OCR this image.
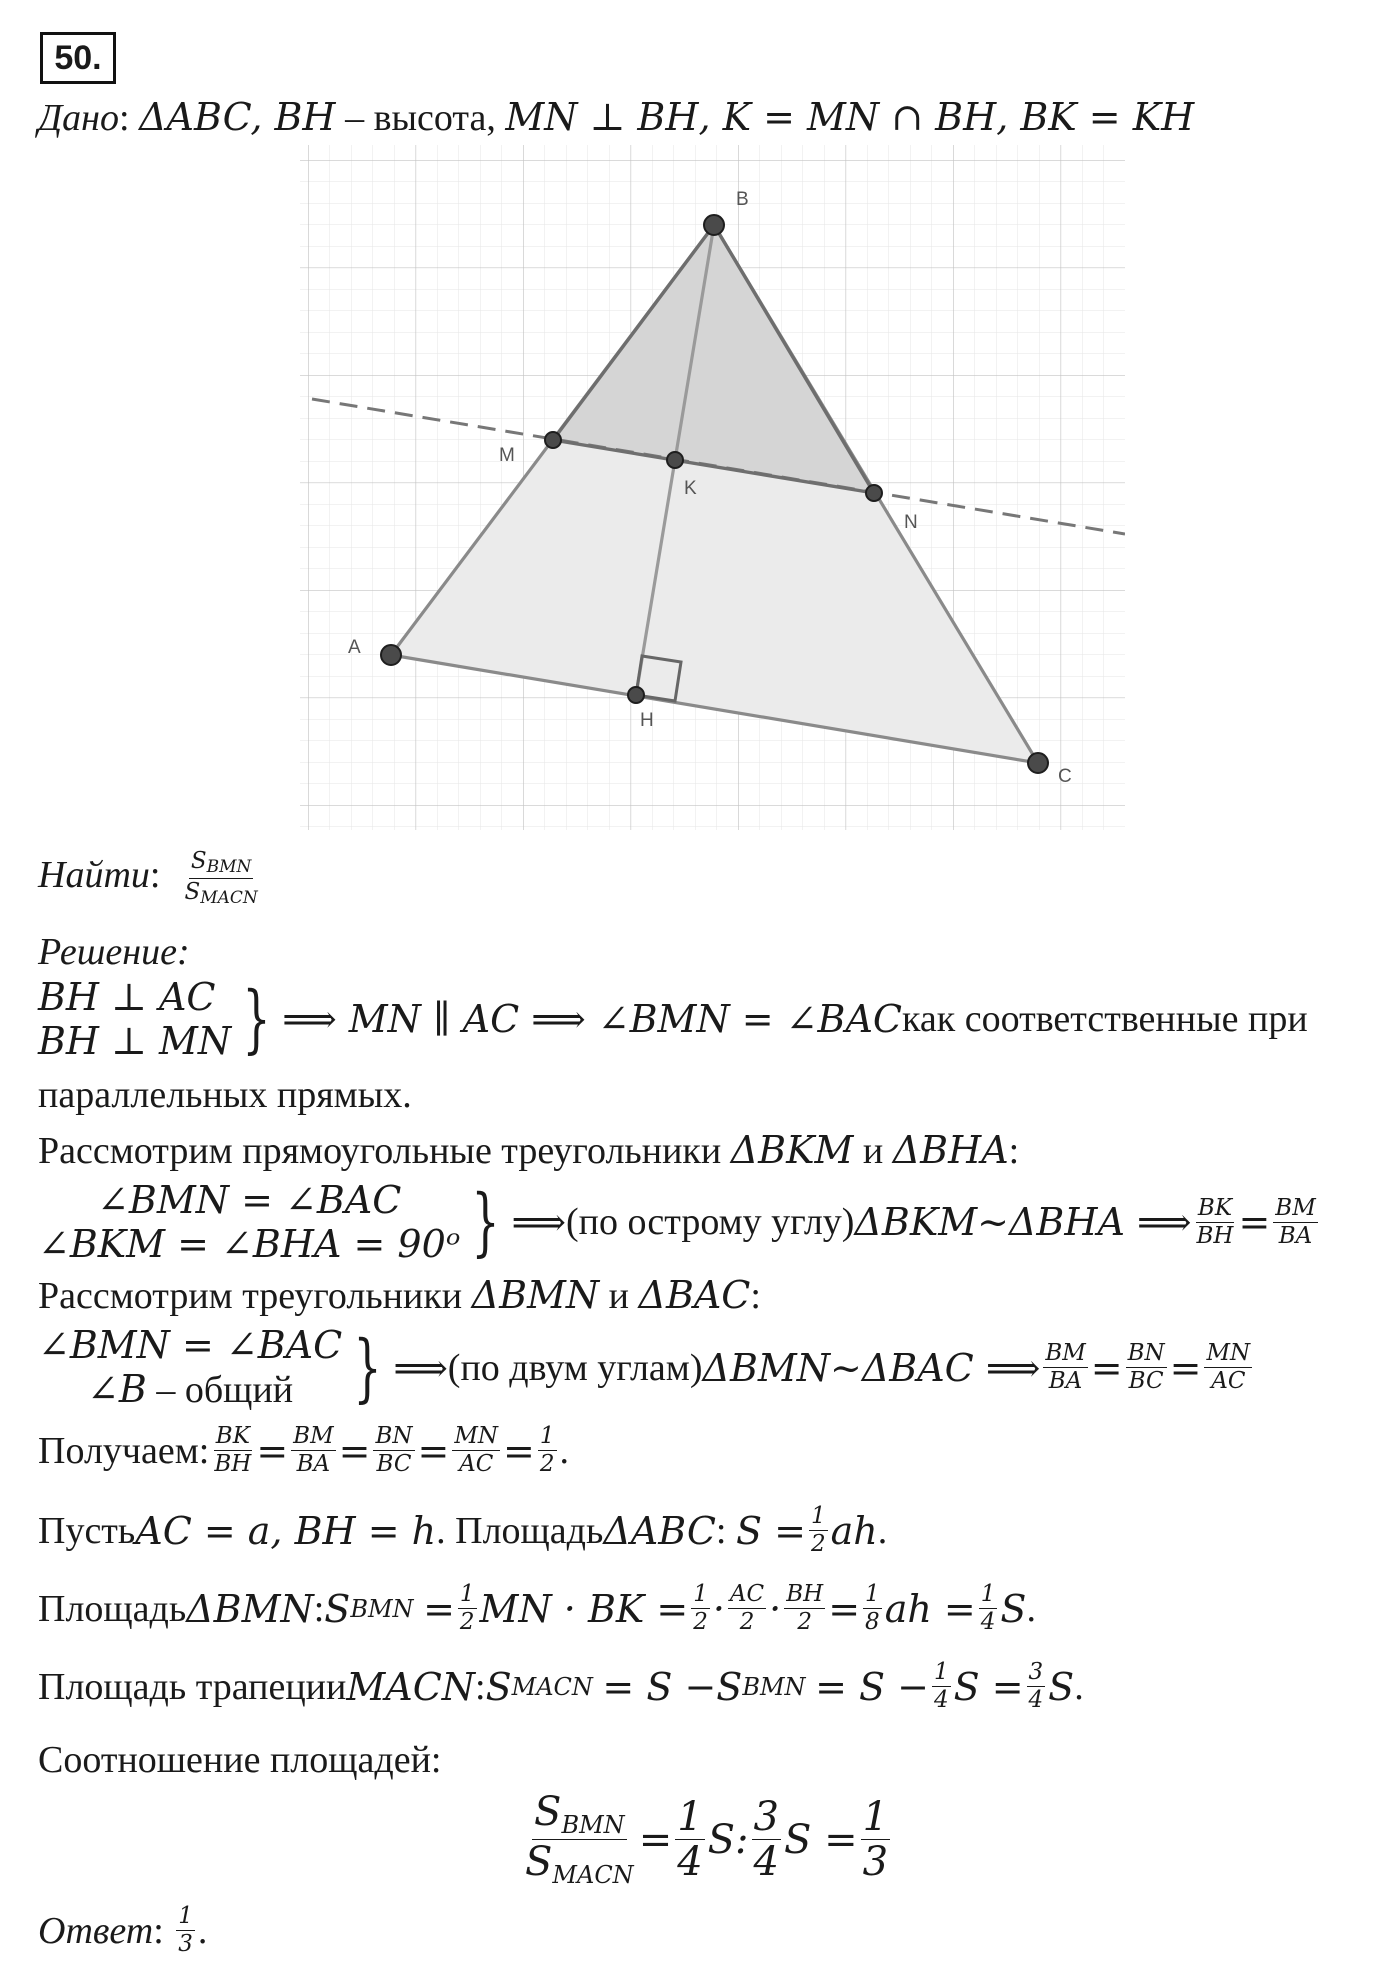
50.
Дано: ΔABC, BH – высота, MN ⊥ BH, K = MN ∩ BH, BK = KH
A
B
C
H
M
N
K
Найти: $\frac{S_{BMN}}{S_{MACN}}$
Решение:
BH ⊥ AC
BH ⊥ MN } ⟹ MN ∥ AC ⟹ ∠BMN = ∠BAC как соответственные при
параллельных прямых.
Рассмотрим прямоугольные треугольники ΔBKM и ΔBHA:
∠BMN = ∠BAC
∠BKM = ∠BHA = 90ᵒ } ⟹ (по острому углу) ΔBKM~ΔBHA ⟹ $\frac{BK}{BH} = \frac{BM}{BA}$
Рассмотрим треугольники ΔBMN и ΔBAC:
∠BMN = ∠BAC
∠B – общий } ⟹ (по двум углам) ΔBMN~ΔBAC ⟹ $\frac{BM}{BA} = \frac{BN}{BC} = \frac{MN}{AC}$
Получаем: $\frac{BK}{BH} = \frac{BM}{BA} = \frac{BN}{BC} = \frac{MN}{AC} = \frac{1}{2}$ .
Пусть AC = a, BH = h . Площадь ΔABC :
$S = \frac{1}{2}$ ah .
Площадь ΔBMN : S BMN
= $\frac{1}{2}$ MN · BK = $\frac{1}{2} \cdot \frac{AC}{2} \cdot \frac{BH}{2} = \frac{1}{8}$ ah = $\frac{1}{4}$ S .
Площадь трапеции MACN : S MACN
= S − S BMN
= $S - \frac{1}{4}$ $S = \frac{3}{4}$ S .
Соотношение площадей:
$\frac{S_{BMN}}{S_{MACN}} = \frac{1}{4} S$: $\frac{3}{4}$ $S = \frac{1}{3}$
Ответ :
$\frac{1}{3}$ .
